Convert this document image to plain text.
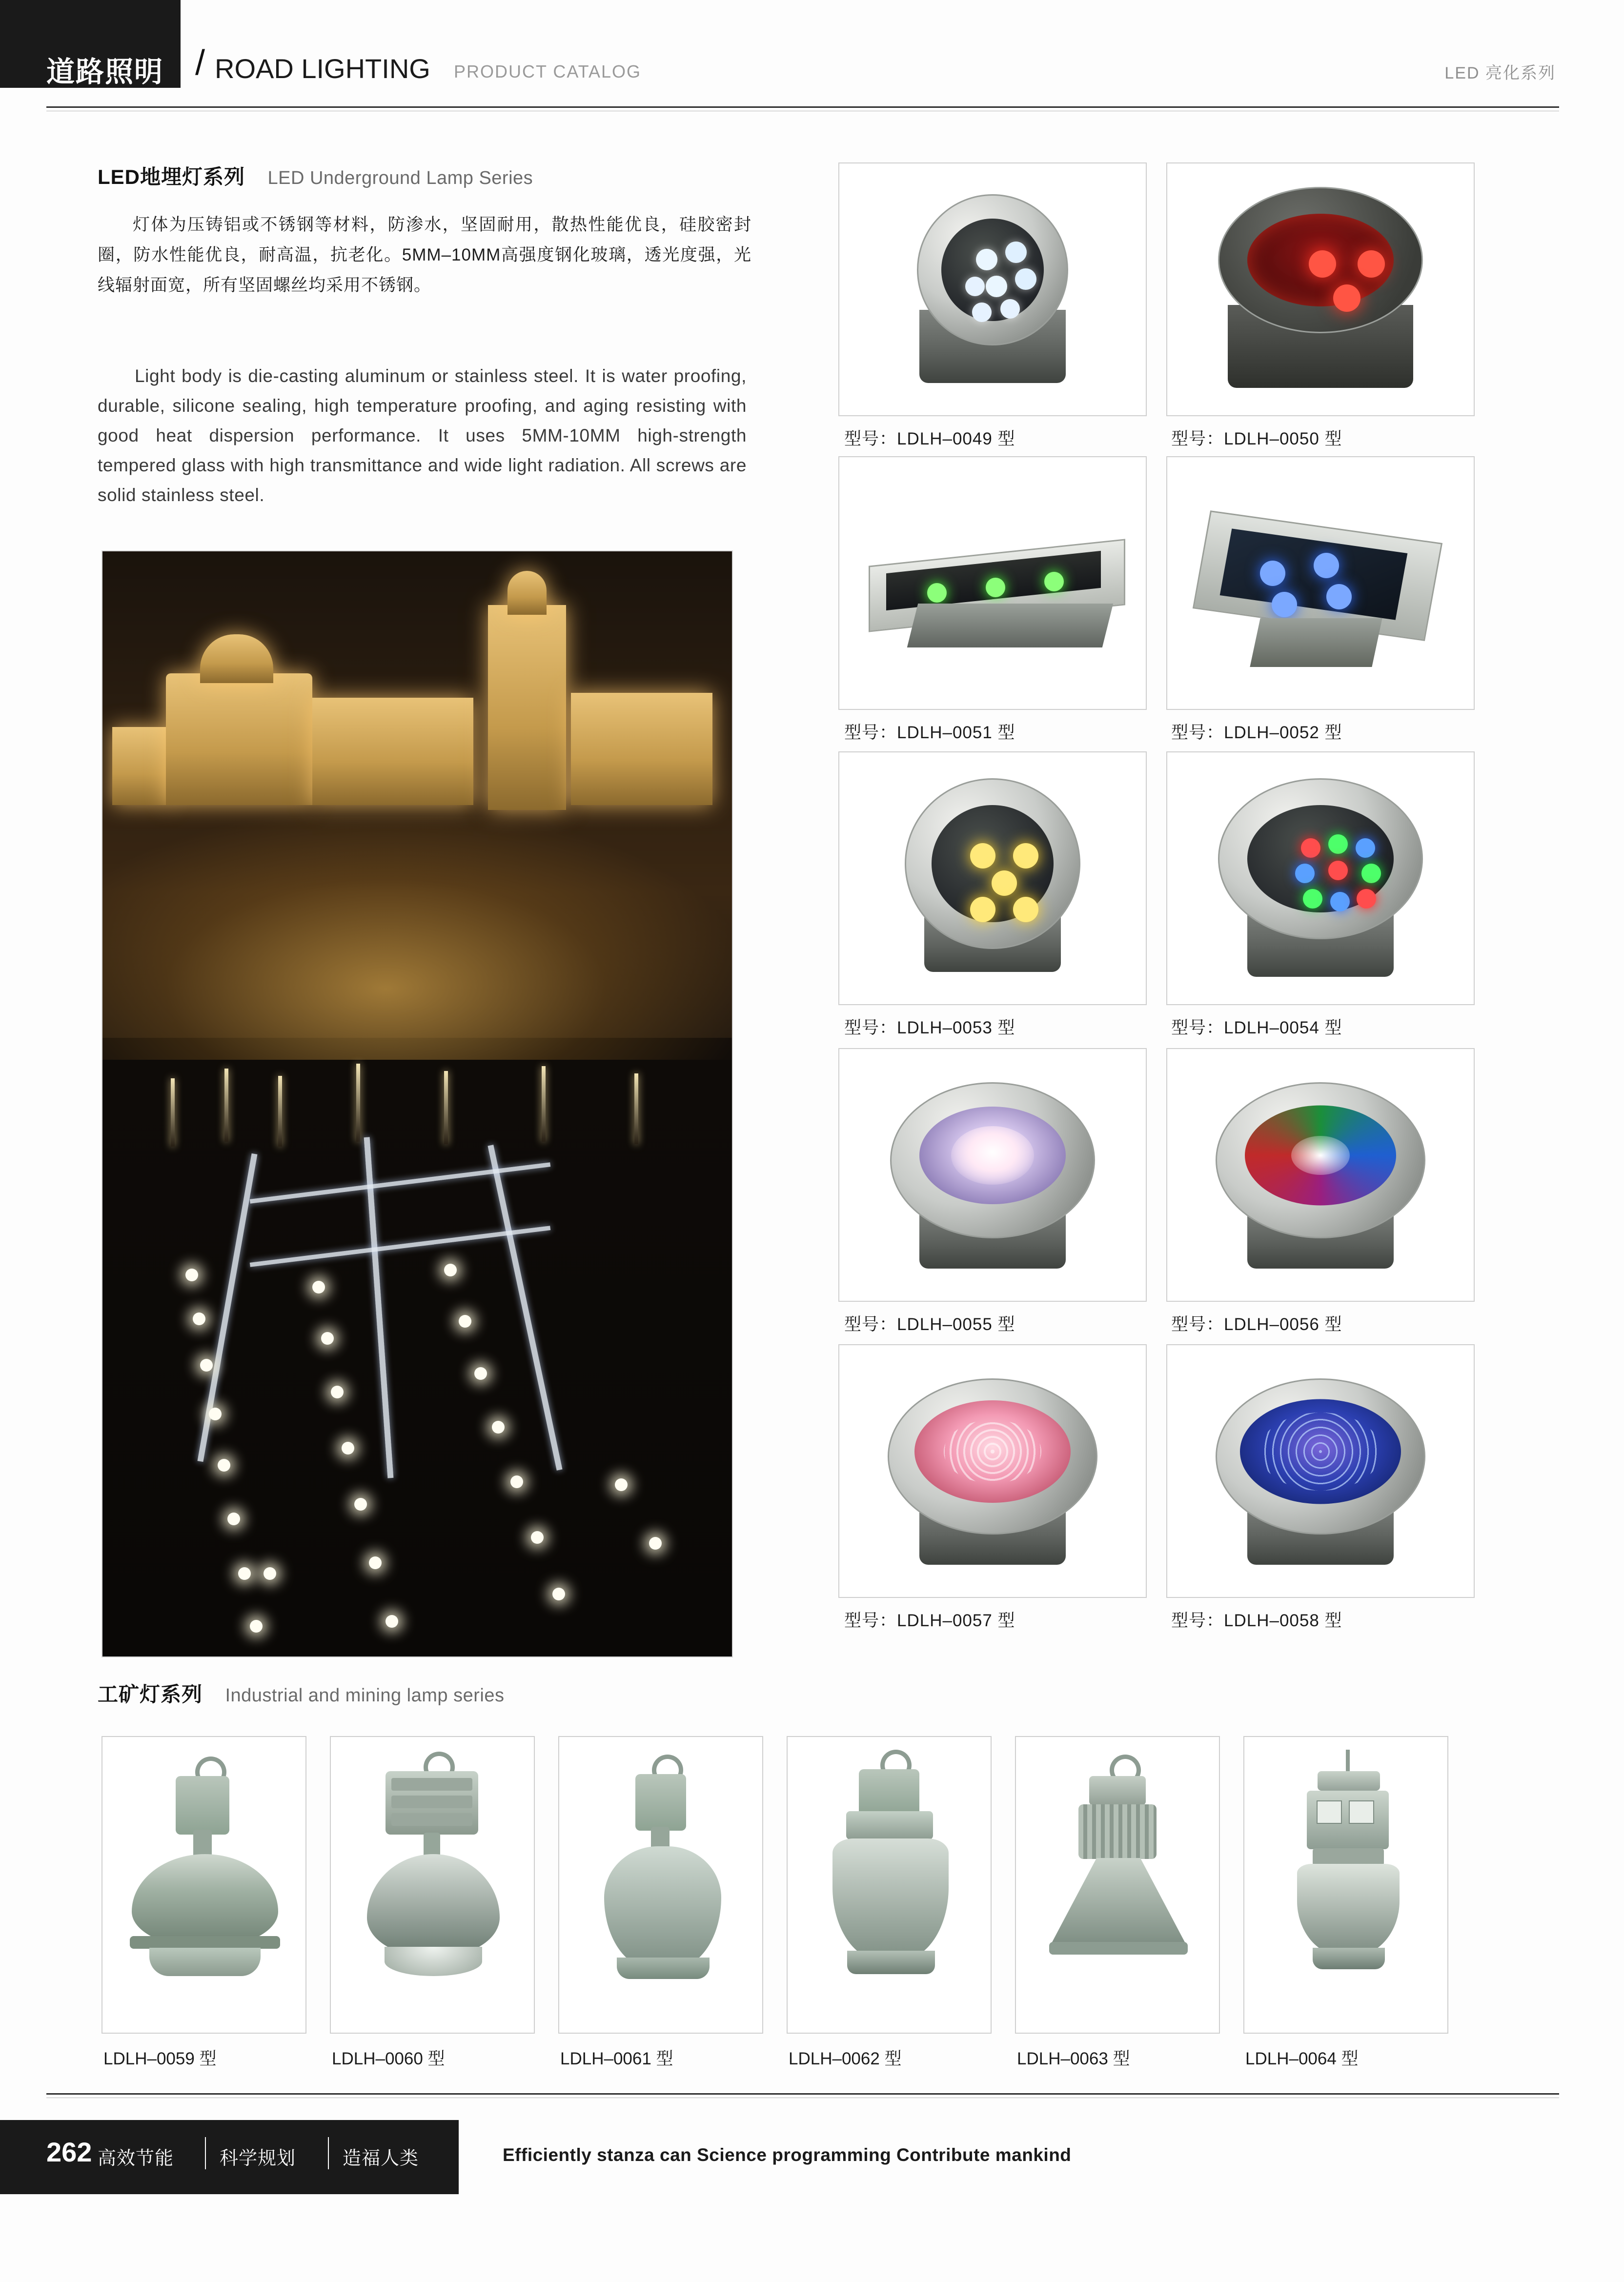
道路照明 / ROAD LIGHTING PRODUCT CATALOG	LED 亮化系列
LED地埋灯系列 LED Underground Lamp Series
灯体为压铸铝或不锈钢等材料，防渗水，坚固耐用，散热性能优良，硅胶密封圈，防水性能优良，耐高温，抗老化。5MM–10MM高强度钢化玻璃，透光度强，光线辐射面宽，所有坚固螺丝均采用不锈钢。
Light body is die-casting aluminum or stainless steel. It is water proofing, durable, silicone sealing, high temperature proofing, and aging resisting with good heat dispersion performance. It uses 5MM-10MM high-strength tempered glass with high transmittance and wide light radiation. All screws are solid stainless steel.
型号：LDLH–0049 型	型号：LDLH–0050 型
型号：LDLH–0051 型	型号：LDLH–0052 型
型号：LDLH–0053 型	型号：LDLH–0054 型
型号：LDLH–0055 型	型号：LDLH–0056 型
型号：LDLH–0057 型	型号：LDLH–0058 型
工矿灯系列 Industrial and mining lamp series
LDLH–0059 型	LDLH–0060 型	LDLH–0061 型	LDLH–0062 型	LDLH–0063 型	LDLH–0064 型
262 高效节能 科学规划	造福人类	Efficiently stanza can Science programming Contribute mankind
